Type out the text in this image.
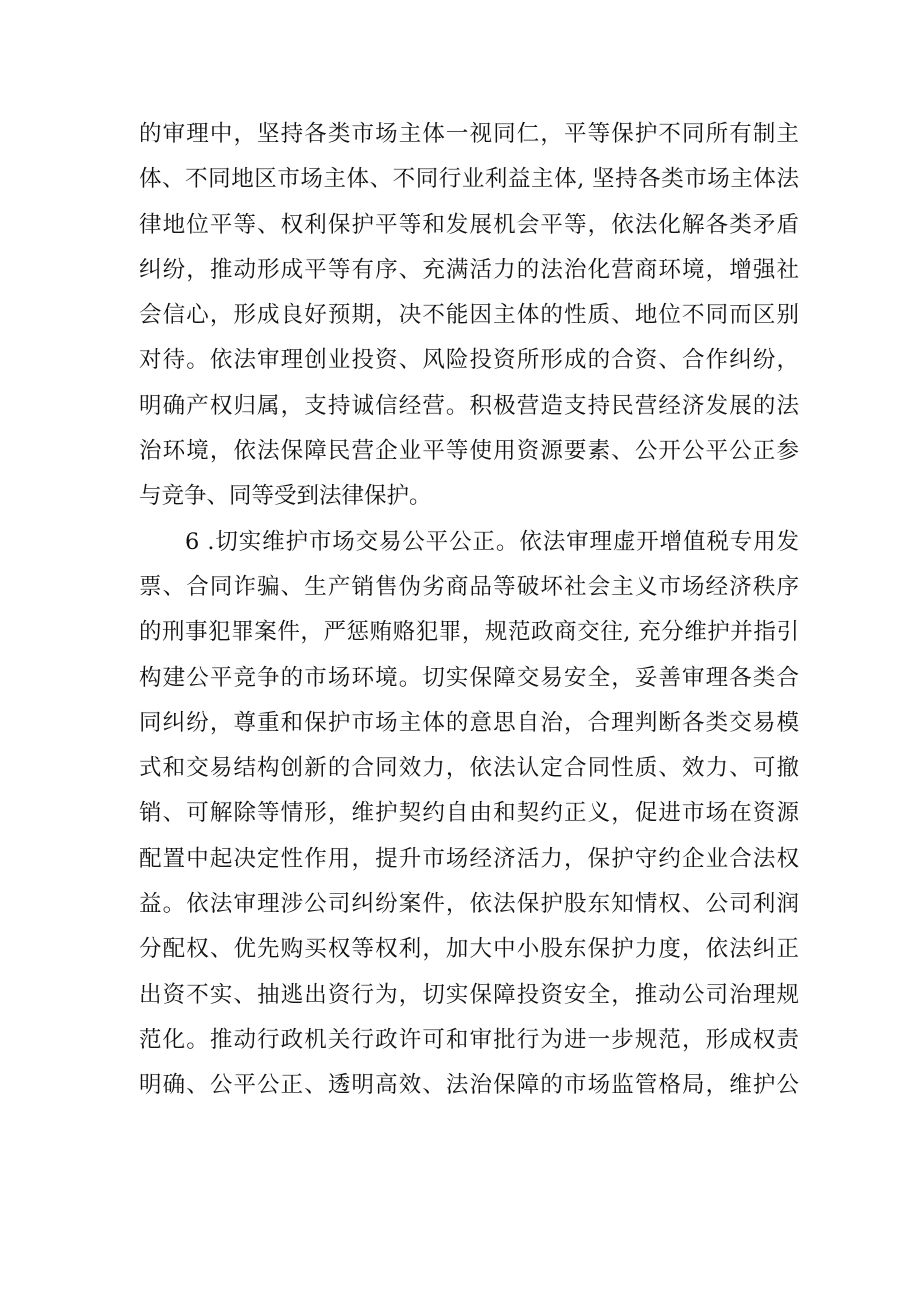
的审理中，坚持各类市场主体一视同仁，平等保护不同所有制主
体、不同地区市场主体、不同行业利益主体, 坚持各类市场主体法
律地位平等、权利保护平等和发展机会平等，依法化解各类矛盾
纠纷，推动形成平等有序、充满活力的法治化营商环境，增强社
会信心，形成良好预期，决不能因主体的性质、地位不同而区别
对待。依法审理创业投资、风险投资所形成的合资、合作纠纷，
明确产权归属，支持诚信经营。积极营造支持民营经济发展的法
治环境，依法保障民营企业平等使用资源要素、公开公平公正参
与竞争、同等受到法律保护。
6 .切实维护市场交易公平公正。依法审理虚开增值税专用发
票、合同诈骗、生产销售伪劣商品等破坏社会主义市场经济秩序
的刑事犯罪案件，严惩贿赂犯罪，规范政商交往, 充分维护并指引
构建公平竞争的市场环境。切实保障交易安全，妥善审理各类合
同纠纷，尊重和保护市场主体的意思自治，合理判断各类交易模
式和交易结构创新的合同效力，依法认定合同性质、效力、可撤
销、可解除等情形，维护契约自由和契约正义，促进市场在资源
配置中起决定性作用，提升市场经济活力，保护守约企业合法权
益。依法审理涉公司纠纷案件，依法保护股东知情权、公司利润
分配权、优先购买权等权利，加大中小股东保护力度，依法纠正
出资不实、抽逃出资行为，切实保障投资安全，推动公司治理规
范化。推动行政机关行政许可和审批行为进一步规范，形成权责
明确、公平公正、透明高效、法治保障的市场监管格局，维护公
